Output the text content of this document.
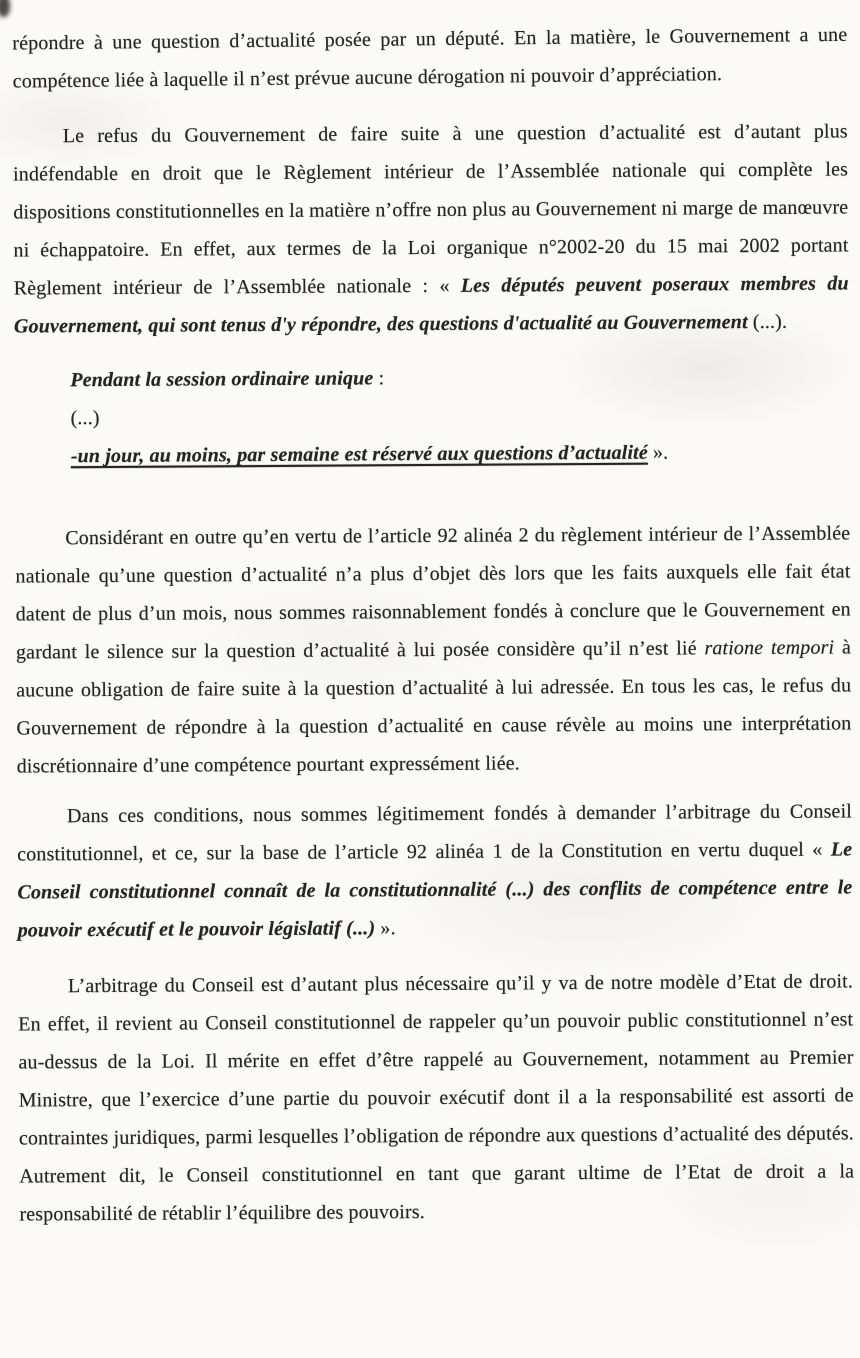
répondre à une question d’actualité posée par un député. En la matière, le Gouvernement a une compétence liée à laquelle il n’est prévue aucune dérogation ni pouvoir d’appréciation.

Le refus du Gouvernement de faire suite à une question d’actualité est d’autant plus indéfendable en droit que le Règlement intérieur de l’Assemblée nationale qui complète les dispositions constitutionnelles en la matière n’offre non plus au Gouvernement ni marge de manœuvre ni échappatoire. En effet, aux termes de la Loi organique n°2002-20 du 15 mai 2002 portant Règlement intérieur de l’Assemblée nationale : « Les députés peuvent poseraux membres du Gouvernement, qui sont tenus d'y répondre, des questions d'actualité au Gouvernement (...).

Pendant la session ordinaire unique :

(...)

-un jour, au moins, par semaine est réservé aux questions d’actualité ».

Considérant en outre qu’en vertu de l’article 92 alinéa 2 du règlement intérieur de l’Assemblée nationale qu’une question d’actualité n’a plus d’objet dès lors que les faits auxquels elle fait état datent de plus d’un mois, nous sommes raisonnablement fondés à conclure que le Gouvernement en gardant le silence sur la question d’actualité à lui posée considère qu’il n’est lié ratione tempori à aucune obligation de faire suite à la question d’actualité à lui adressée. En tous les cas, le refus du Gouvernement de répondre à la question d’actualité en cause révèle au moins une interprétation discrétionnaire d’une compétence pourtant expressément liée.

Dans ces conditions, nous sommes légitimement fondés à demander l’arbitrage du Conseil constitutionnel, et ce, sur la base de l’article 92 alinéa 1 de la Constitution en vertu duquel « Le Conseil constitutionnel connaît de la constitutionnalité (...) des conflits de compétence entre le pouvoir exécutif et le pouvoir législatif (...) ».

L’arbitrage du Conseil est d’autant plus nécessaire qu’il y va de notre modèle d’Etat de droit. En effet, il revient au Conseil constitutionnel de rappeler qu’un pouvoir public constitutionnel n’est au-dessus de la Loi. Il mérite en effet d’être rappelé au Gouvernement, notamment au Premier Ministre, que l’exercice d’une partie du pouvoir exécutif dont il a la responsabilité est assorti de contraintes juridiques, parmi lesquelles l’obligation de répondre aux questions d’actualité des députés. Autrement dit, le Conseil constitutionnel en tant que garant ultime de l’Etat de droit a la responsabilité de rétablir l’équilibre des pouvoirs.
